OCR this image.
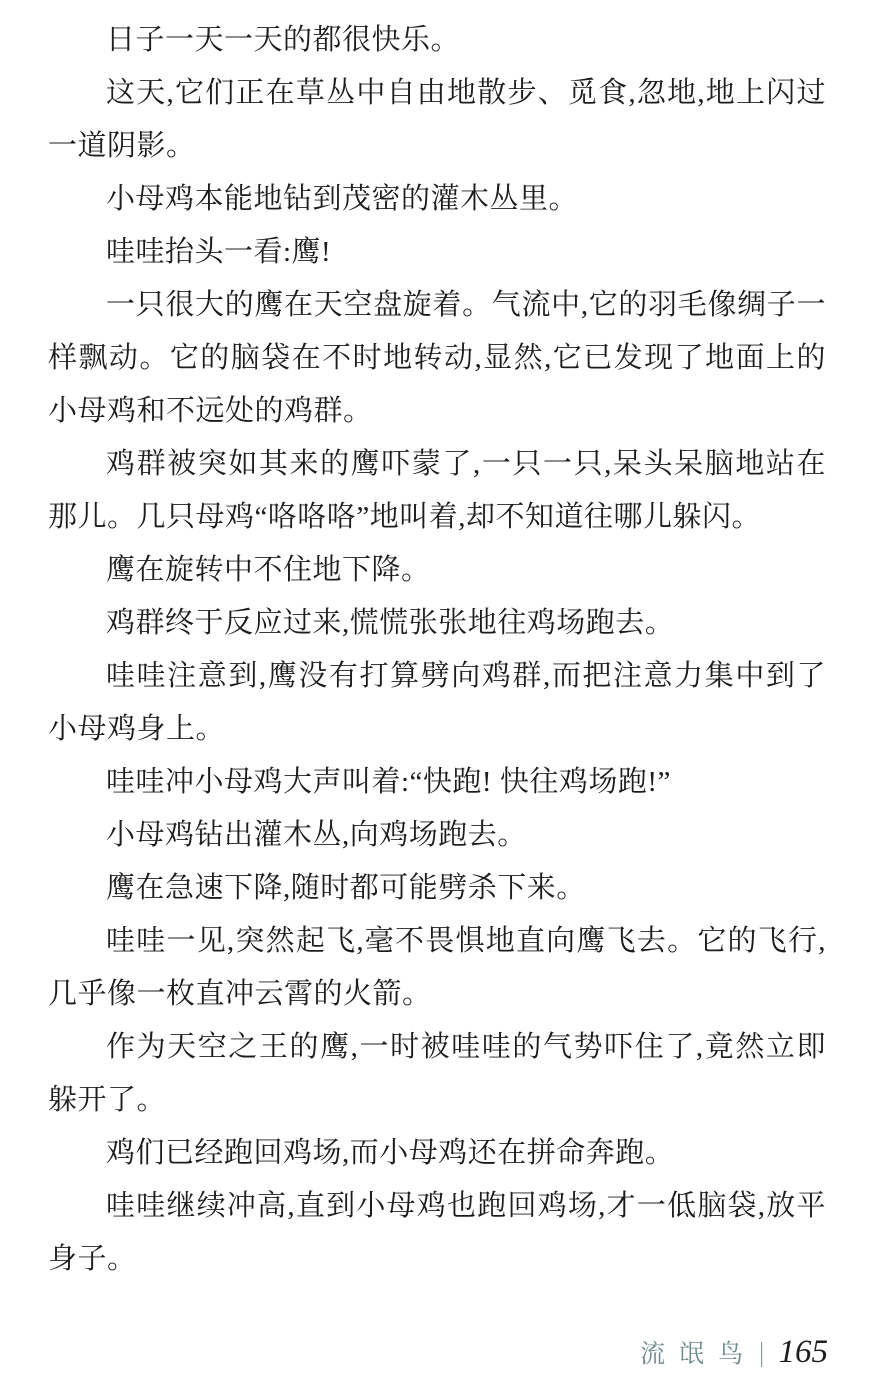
日子一天一天的都很快乐。

这天,它们正在草丛中自由地散步、觅食,忽地,地上闪过一道阴影。

小母鸡本能地钻到茂密的灌木丛里。

哇哇抬头一看:鹰!

一只很大的鹰在天空盘旋着。气流中,它的羽毛像绸子一样飘动。它的脑袋在不时地转动,显然,它已发现了地面上的小母鸡和不远处的鸡群。

鸡群被突如其来的鹰吓蒙了,一只一只,呆头呆脑地站在那儿。几只母鸡“咯咯咯”地叫着,却不知道往哪儿躲闪。

鹰在旋转中不住地下降。

鸡群终于反应过来,慌慌张张地往鸡场跑去。

哇哇注意到,鹰没有打算劈向鸡群,而把注意力集中到了小母鸡身上。

哇哇冲小母鸡大声叫着:“快跑! 快往鸡场跑!”

小母鸡钻出灌木丛,向鸡场跑去。

鹰在急速下降,随时都可能劈杀下来。

哇哇一见,突然起飞,毫不畏惧地直向鹰飞去。它的飞行,几乎像一枚直冲云霄的火箭。

作为天空之王的鹰,一时被哇哇的气势吓住了,竟然立即躲开了。

鸡们已经跑回鸡场,而小母鸡还在拼命奔跑。

哇哇继续冲高,直到小母鸡也跑回鸡场,才一低脑袋,放平身子。

流氓鸟 | 165
